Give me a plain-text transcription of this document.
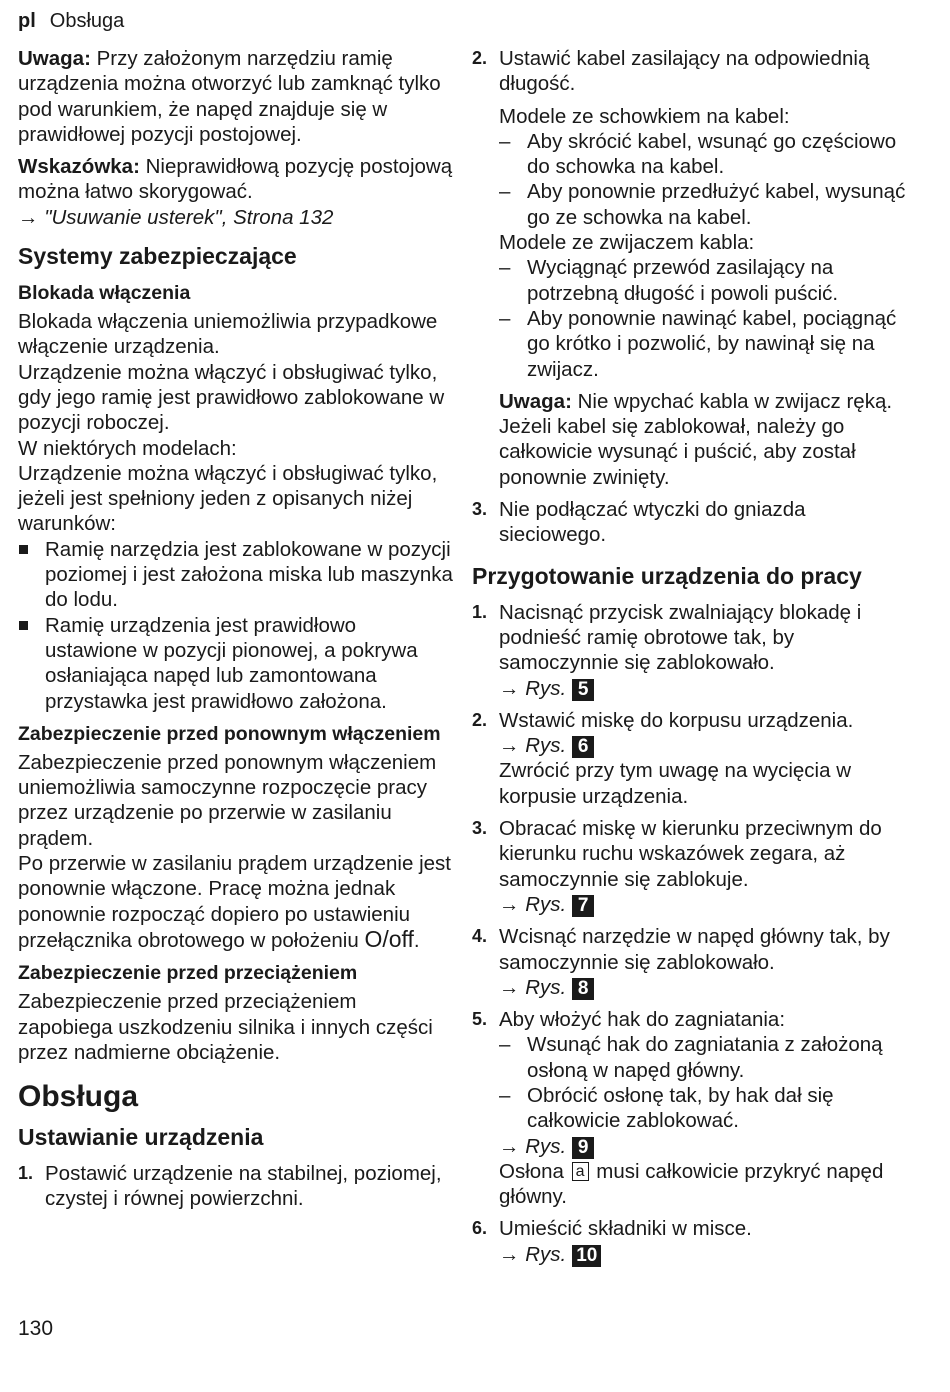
pl Obsługa

Uwaga: Przy założonym narzędziu ramię urządzenia można otworzyć lub zamknąć tylko pod warunkiem, że napęd znajduje się w prawidłowej pozycji postojowej.

Wskazówka: Nieprawidłową pozycję postojową można łatwo skorygować.

→ "Usuwanie usterek", Strona 132

Systemy zabezpieczające
Blokada włączenia

Blokada włączenia uniemożliwia przypadkowe włączenie urządzenia.

Urządzenie można włączyć i obsługiwać tylko, gdy jego ramię jest prawidłowo zablokowane w pozycji roboczej.

W niektórych modelach:

Urządzenie można włączyć i obsługiwać tylko, jeżeli jest spełniony jeden z opisanych niżej warunków:

Ramię narzędzia jest zablokowane w pozycji poziomej i jest założona miska lub maszynka do lodu.

Ramię urządzenia jest prawidłowo ustawione w pozycji pionowej, a pokrywa osłaniająca napęd lub zamontowana przystawka jest prawidłowo założona.

Zabezpieczenie przed ponownym włączeniem

Zabezpieczenie przed ponownym włączeniem uniemożliwia samoczynne rozpoczęcie pracy przez urządzenie po przerwie w zasilaniu prądem.

Po przerwie w zasilaniu prądem urządzenie jest ponownie włączone. Pracę można jednak ponownie rozpocząć dopiero po ustawieniu przełącznika obrotowego w położeniu O/off.

Zabezpieczenie przed przeciążeniem

Zabezpieczenie przed przeciążeniem zapobiega uszkodzeniu silnika i innych części przez nadmierne obciążenie.

Obsługa
Ustawianie urządzenia

1. Postawić urządzenie na stabilnej, poziomej, czystej i równej powierzchni.

2. Ustawić kabel zasilający na odpowiednią długość.

Modele ze schowkiem na kabel:

– Aby skrócić kabel, wsunąć go częściowo do schowka na kabel.

– Aby ponownie przedłużyć kabel, wysunąć go ze schowka na kabel.

Modele ze zwijaczem kabla:

– Wyciągnąć przewód zasilający na potrzebną długość i powoli puścić.

– Aby ponownie nawinąć kabel, pociągnąć go krótko i pozwolić, by nawinął się na zwijacz.

Uwaga: Nie wpychać kabla w zwijacz ręką. Jeżeli kabel się zablokował, należy go całkowicie wysunąć i puścić, aby został ponownie zwinięty.

3. Nie podłączać wtyczki do gniazda sieciowego.

Przygotowanie urządzenia do pracy

1. Nacisnąć przycisk zwalniający blokadę i podnieść ramię obrotowe tak, by samoczynnie się zablokowało.

→ Rys. 5

2. Wstawić miskę do korpusu urządzenia.

→ Rys. 6

Zwrócić przy tym uwagę na wycięcia w korpusie urządzenia.

3. Obracać miskę w kierunku przeciwnym do kierunku ruchu wskazówek zegara, aż samoczynnie się zablokuje.

→ Rys. 7

4. Wcisnąć narzędzie w napęd główny tak, by samoczynnie się zablokowało.

→ Rys. 8

5. Aby włożyć hak do zagniatania:

– Wsunąć hak do zagniatania z założoną osłoną w napęd główny.

– Obrócić osłonę tak, by hak dał się całkowicie zablokować.

→ Rys. 9

Osłona a musi całkowicie przykryć napęd główny.

6. Umieścić składniki w misce.

→ Rys. 10

130
